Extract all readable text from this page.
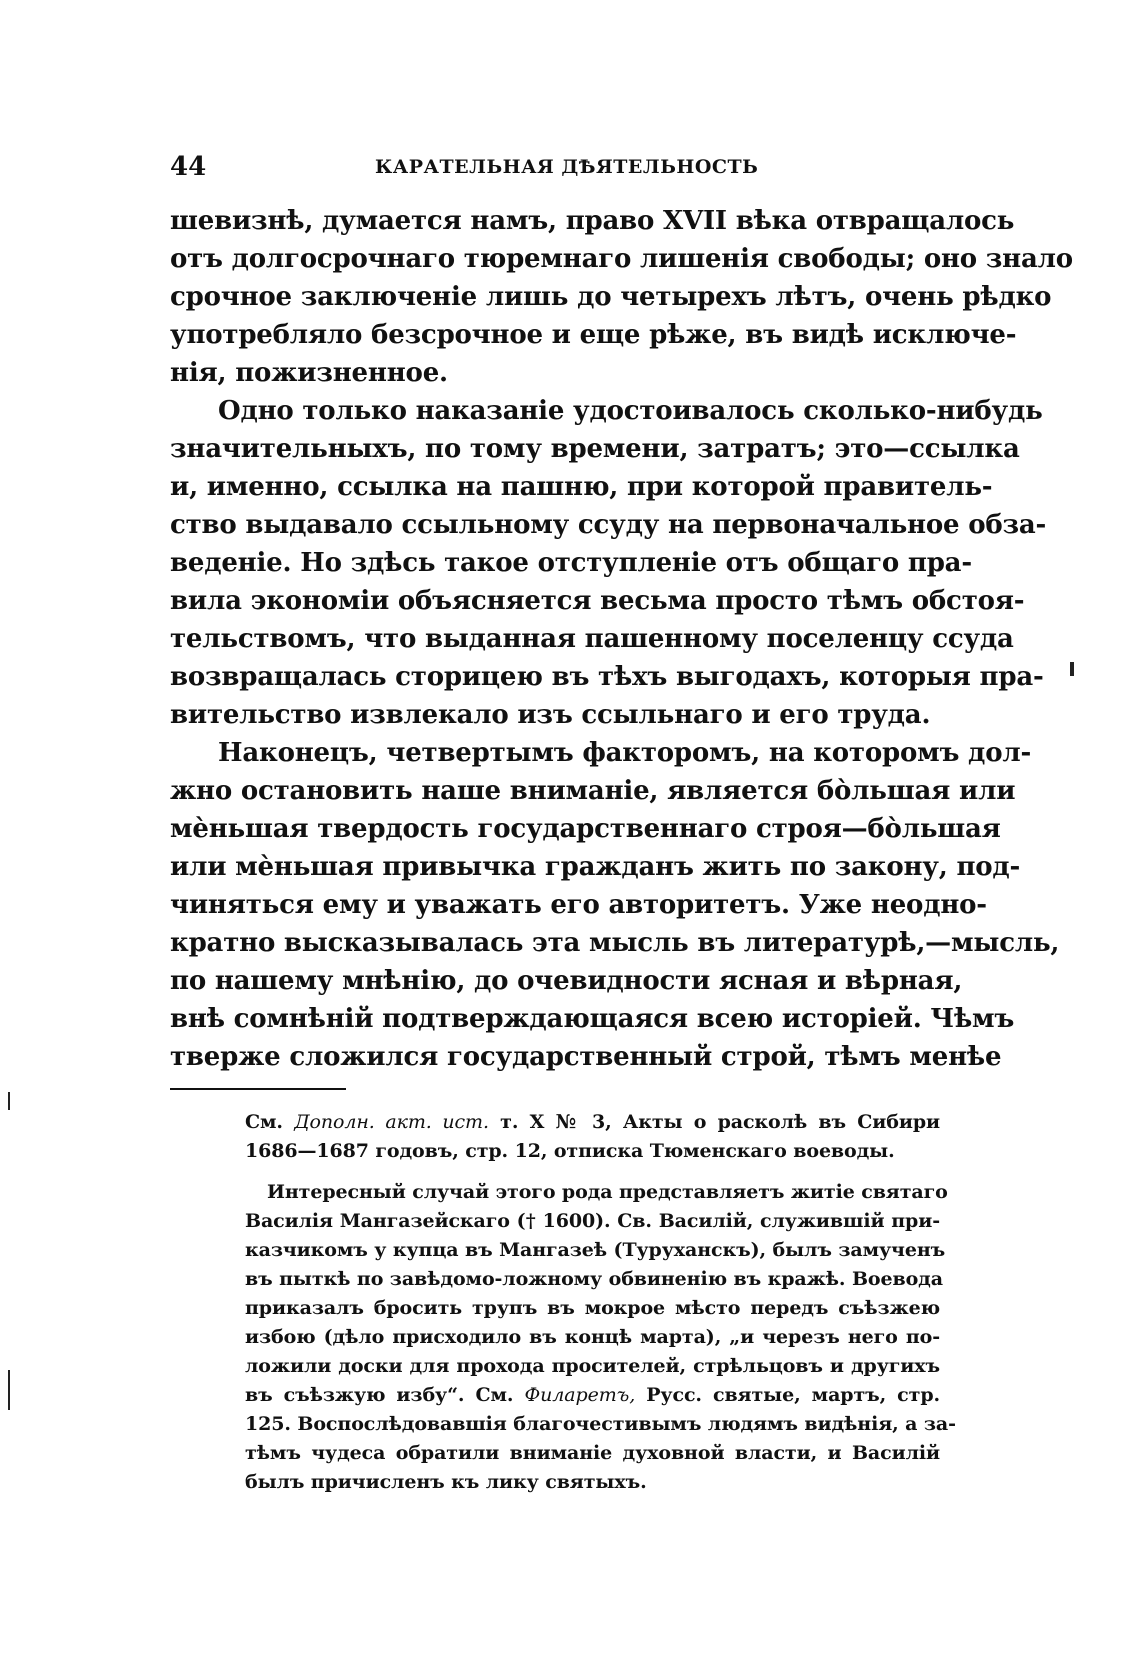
44	КАРАТЕЛЬНАЯ ДѢЯТЕЛЬНОСТЬ
шевизнѣ, думается намъ, право XVII вѣка отвращалось
отъ долгосрочнаго тюремнаго лишенія свободы; оно знало
срочное заключеніе лишь до четырехъ лѣтъ, очень рѣдко
употребляло безсрочное и еще рѣже, въ видѣ исключе-
нія, пожизненное.
Одно только наказаніе удостоивалось сколько-нибудь
значительныхъ, по тому времени, затратъ; это—ссылка
и, именно, ссылка на пашню, при которой правитель-
ство выдавало ссыльному ссуду на первоначальное обза-
веденіе. Но здѣсь такое отступленіе отъ общаго пра-
вила экономіи объясняется весьма просто тѣмъ обстоя-
тельствомъ, что выданная пашенному поселенцу ссуда
возвращалась сторицею въ тѣхъ выгодахъ, которыя пра-
вительство извлекало изъ ссыльнаго и его труда.
Наконецъ, четвертымъ факторомъ, на которомъ дол-
жно остановить наше вниманіе, является бо̀льшая или
мѐньшая твердость государственнаго строя—бо̀льшая
или мѐньшая привычка гражданъ жить по закону, под-
чиняться ему и уважать его авторитетъ. Уже неодно-
кратно высказывалась эта мысль въ литературѣ,—мысль,
по нашему мнѣнію, до очевидности ясная и вѣрная,
внѣ сомнѣній подтверждающаяся всею исторіей. Чѣмъ
тверже сложился государственный строй, тѣмъ менѣе
См. Дополн. акт. ист. т. X № 3, Акты о расколѣ въ Сибири
1686—1687 годовъ, стр. 12, отписка Тюменскаго воеводы.
Интересный случай этого рода представляетъ житіе святаго
Василія Мангазейскаго († 1600). Св. Василій, служившій при-
казчикомъ у купца въ Мангазеѣ (Туруханскъ), былъ замученъ
въ пыткѣ по завѣдомо-ложному обвиненію въ кражѣ. Воевода
приказалъ бросить трупъ въ мокрое мѣсто передъ съѣзжею
избою (дѣло присходило въ концѣ марта), „и черезъ него по-
ложили доски для прохода просителей, стрѣльцовъ и другихъ
въ съѣзжую избу“. См. Филаретъ, Русс. святые, мартъ, стр.
125. Воспослѣдовавшія благочестивымъ людямъ видѣнія, а за-
тѣмъ чудеса обратили вниманіе духовной власти, и Василій
былъ причисленъ къ лику святыхъ.
